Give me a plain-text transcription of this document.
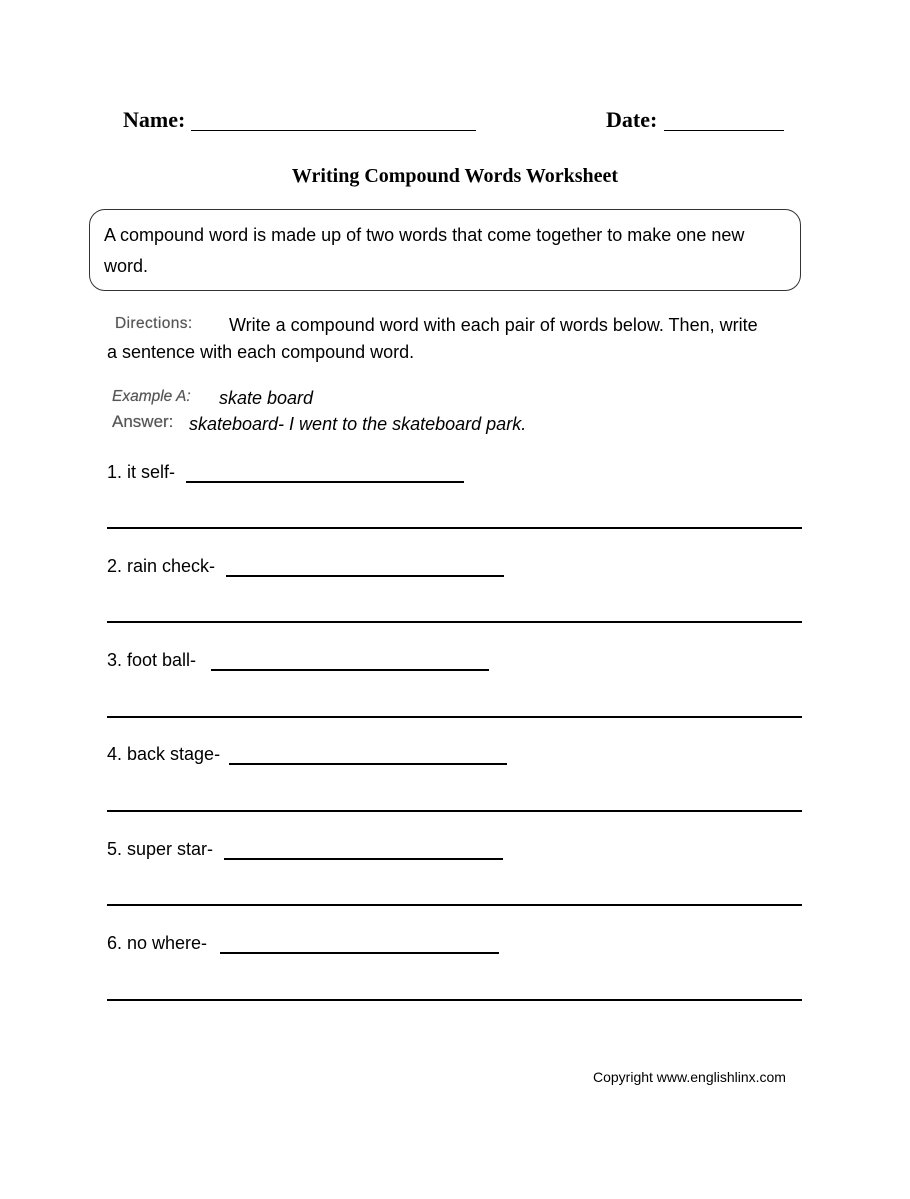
Name:	Date:
Writing Compound Words Worksheet
A compound word is made up of two words that come together to make one new word.
Directions: Write a compound word with each pair of words below. Then, write
a sentence with each compound word.
Example A: skate board
Answer: skateboard- I went to the skateboard park.
1. it self-
2. rain check-
3. foot ball-
4. back stage-
5. super star-
6. no where-
Copyright www.englishlinx.com
